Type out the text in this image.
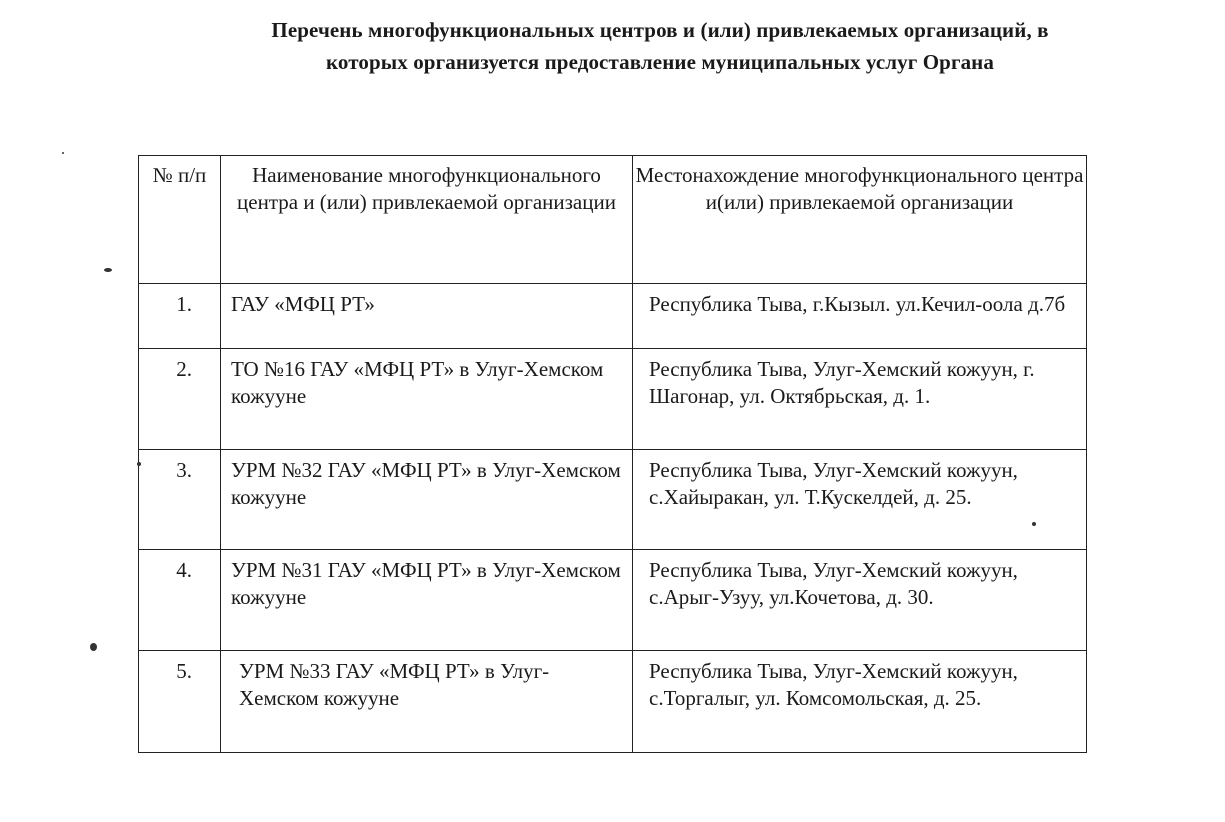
Перечень многофункциональных центров и (или) привлекаемых организаций, в
которых организуется предоставление муниципальных услуг Органа
№ п/п	Наименование многофункционального центра и (или) привлекаемой организации	Местонахождение многофункционального центра и(или) привлекаемой организации
1.	ГАУ «МФЦ РТ»	Республика Тыва, г.Кызыл. ул.Кечил-оола д.7б
2.	ТО №16 ГАУ «МФЦ РТ» в Улуг-Хемском кожууне	Республика Тыва, Улуг-Хемский кожуун, г. Шагонар, ул. Октябрьская, д. 1.
3.	УРМ №32 ГАУ «МФЦ РТ» в Улуг-Хемском кожууне	Республика Тыва, Улуг-Хемский кожуун, с.Хайыракан, ул. Т.Кускелдей, д. 25.
4.	УРМ №31 ГАУ «МФЦ РТ» в Улуг-Хемском кожууне	Республика Тыва, Улуг-Хемский кожуун, с.Арыг-Узуу, ул.Кочетова, д. 30.
5.	УРМ №33 ГАУ «МФЦ РТ» в Улуг-Хемском кожууне	Республика Тыва, Улуг-Хемский кожуун, с.Торгалыг, ул. Комсомольская, д. 25.
